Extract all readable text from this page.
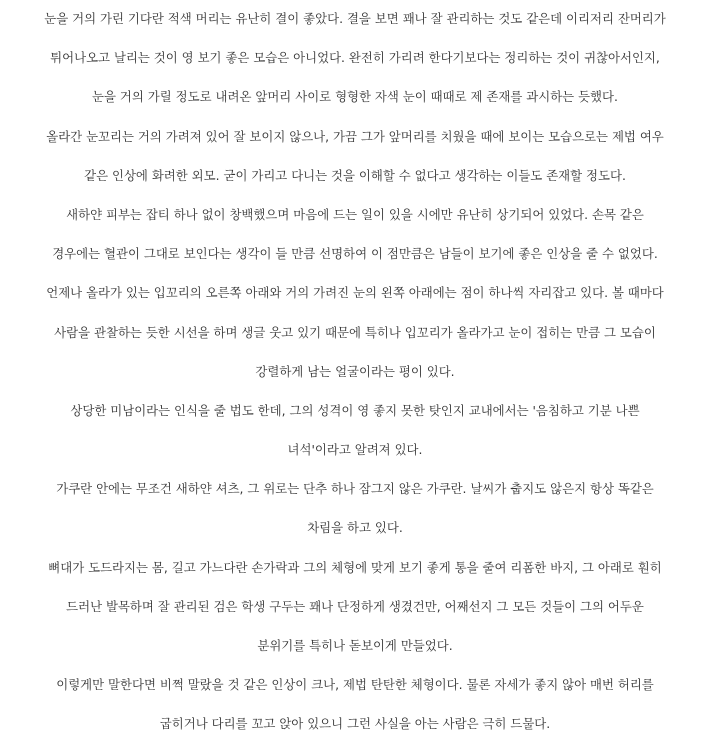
눈을 거의 가린 기다란 적색 머리는 유난히 결이 좋았다. 결을 보면 꽤나 잘 관리하는 것도 같은데 이리저리 잔머리가
튀어나오고 날리는 것이 영 보기 좋은 모습은 아니었다. 완전히 가리려 한다기보다는 정리하는 것이 귀찮아서인지,
눈을 거의 가릴 정도로 내려온 앞머리 사이로 형형한 자색 눈이 때때로 제 존재를 과시하는 듯했다.
올라간 눈꼬리는 거의 가려져 있어 잘 보이지 않으나, 가끔 그가 앞머리를 치웠을 때에 보이는 모습으로는 제법 여우
같은 인상에 화려한 외모. 굳이 가리고 다니는 것을 이해할 수 없다고 생각하는 이들도 존재할 정도다.
새하얀 피부는 잡티 하나 없이 창백했으며 마음에 드는 일이 있을 시에만 유난히 상기되어 있었다. 손목 같은
경우에는 혈관이 그대로 보인다는 생각이 들 만큼 선명하여 이 점만큼은 남들이 보기에 좋은 인상을 줄 수 없었다.
언제나 올라가 있는 입꼬리의 오른쪽 아래와 거의 가려진 눈의 왼쪽 아래에는 점이 하나씩 자리잡고 있다. 볼 때마다
사람을 관찰하는 듯한 시선을 하며 생글 웃고 있기 때문에 특히나 입꼬리가 올라가고 눈이 접히는 만큼 그 모습이
강렬하게 남는 얼굴이라는 평이 있다.
상당한 미남이라는 인식을 줄 법도 한데, 그의 성격이 영 좋지 못한 탓인지 교내에서는 '음침하고 기분 나쁜
녀석'이라고 알려져 있다.
가쿠란 안에는 무조건 새하얀 셔츠, 그 위로는 단추 하나 잠그지 않은 가쿠란. 날씨가 춥지도 않은지 항상 똑같은
차림을 하고 있다.
뼈대가 도드라지는 몸, 길고 가느다란 손가락과 그의 체형에 맞게 보기 좋게 통을 줄여 리폼한 바지, 그 아래로 훤히
드러난 발목하며 잘 관리된 검은 학생 구두는 꽤나 단정하게 생겼건만, 어째선지 그 모든 것들이 그의 어두운
분위기를 특히나 돋보이게 만들었다.
이렇게만 말한다면 비쩍 말랐을 것 같은 인상이 크나, 제법 탄탄한 체형이다. 물론 자세가 좋지 않아 매번 허리를
굽히거나 다리를 꼬고 앉아 있으니 그런 사실을 아는 사람은 극히 드물다.
